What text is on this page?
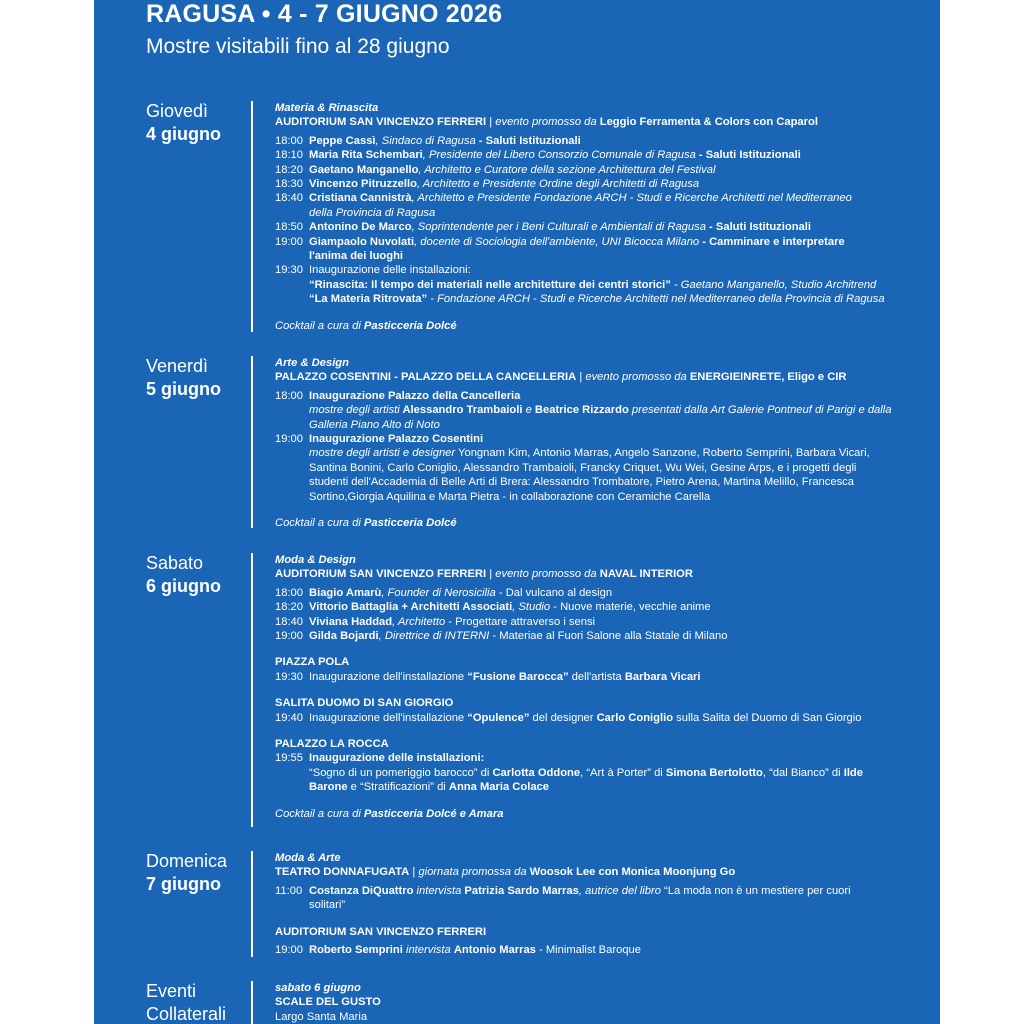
RAGUSA • 4 - 7 GIUGNO 2026
Mostre visitabili fino al 28 giugno
Giovedì
4 giugno
Venerdì
5 giugno
Sabato
6 giugno
Domenica
7 giugno
Eventi
Collaterali
Materia & Rinascita
AUDITORIUM SAN VINCENZO FERRERI | evento promosso da Leggio Ferramenta & Colors con Caparol
18:00 Peppe Cassì, Sindaco di Ragusa - Saluti Istituzionali
18:10 Maria Rita Schembari, Presidente del Libero Consorzio Comunale di Ragusa - Saluti Istituzionali
18:20 Gaetano Manganello, Architetto e Curatore della sezione Architettura del Festival
18:30 Vincenzo Pitruzzello, Architetto e Presidente Ordine degli Architetti di Ragusa
18:40 Cristiana Cannistrà, Architetto e Presidente Fondazione ARCH - Studi e Ricerche Architetti nel Mediterraneo
della Provincia di Ragusa
18:50 Antonino De Marco, Soprintendente per i Beni Culturali e Ambientali di Ragusa - Saluti Istituzionali
19:00 Giampaolo Nuvolati, docente di Sociologia dell'ambiente, UNI Bicocca Milano - Camminare e interpretare
l'anima dei luoghi
19:30 Inaugurazione delle installazioni:
“Rinascita: Il tempo dei materiali nelle architetture dei centri storici” - Gaetano Manganello, Studio Architrend
“La Materia Ritrovata” - Fondazione ARCH - Studi e Ricerche Architetti nel Mediterraneo della Provincia di Ragusa
Cocktail a cura di Pasticceria Dolcé
Arte & Design
PALAZZO COSENTINI - PALAZZO DELLA CANCELLERIA | evento promosso da ENERGIEINRETE, Eligo e CIR
18:00 Inaugurazione Palazzo della Cancelleria
mostre degli artisti Alessandro Trambaioli e Beatrice Rizzardo presentati dalla Art Galerie Pontneuf di Parigi e dalla
Galleria Piano Alto di Noto
19:00 Inaugurazione Palazzo Cosentini
mostre degli artisti e designer Yongnam Kim, Antonio Marras, Angelo Sanzone, Roberto Semprini, Barbara Vicari,
Santina Bonini, Carlo Coniglio, Alessandro Trambaioli, Francky Criquet, Wu Wei, Gesine Arps, e i progetti degli
studenti dell'Accademia di Belle Arti di Brera: Alessandro Trombatore, Pietro Arena, Martina Melillo, Francesca
Sortino,Giorgia Aquilina e Marta Pietra - in collaborazione con Ceramiche Carella
Cocktail a cura di Pasticceria Dolcé
Moda & Design
AUDITORIUM SAN VINCENZO FERRERI | evento promosso da NAVAL INTERIOR
18:00 Biagio Amarù, Founder di Nerosicilia - Dal vulcano al design
18:20 Vittorio Battaglia + Architetti Associati, Studio - Nuove materie, vecchie anime
18:40 Viviana Haddad, Architetto - Progettare attraverso i sensi
19:00 Gilda Bojardi, Direttrice di INTERNI - Materiae al Fuori Salone alla Statale di Milano
PIAZZA POLA
19:30 Inaugurazione dell'installazione “Fusione Barocca” dell'artista Barbara Vicari
SALITA DUOMO DI SAN GIORGIO
19:40 Inaugurazione dell'installazione “Opulence” del designer Carlo Coniglio sulla Salita del Duomo di San Giorgio
PALAZZO LA ROCCA
19:55 Inaugurazione delle installazioni:
“Sogno di un pomeriggio barocco” di Carlotta Oddone, “Art à Porter” di Simona Bertolotto, “dal Bianco” di Ilde
Barone e “Stratificazioni” di Anna Maria Colace
Cocktail a cura di Pasticceria Dolcé e Amara
Moda & Arte
TEATRO DONNAFUGATA | giornata promossa da Woosok Lee con Monica Moonjung Go
11:00 Costanza DiQuattro intervista Patrizia Sardo Marras, autrice del libro “La moda non è un mestiere per cuori
solitari”
AUDITORIUM SAN VINCENZO FERRERI
19:00 Roberto Semprini intervista Antonio Marras - Minimalist Baroque
sabato 6 giugno
SCALE DEL GUSTO
Largo Santa Maria
